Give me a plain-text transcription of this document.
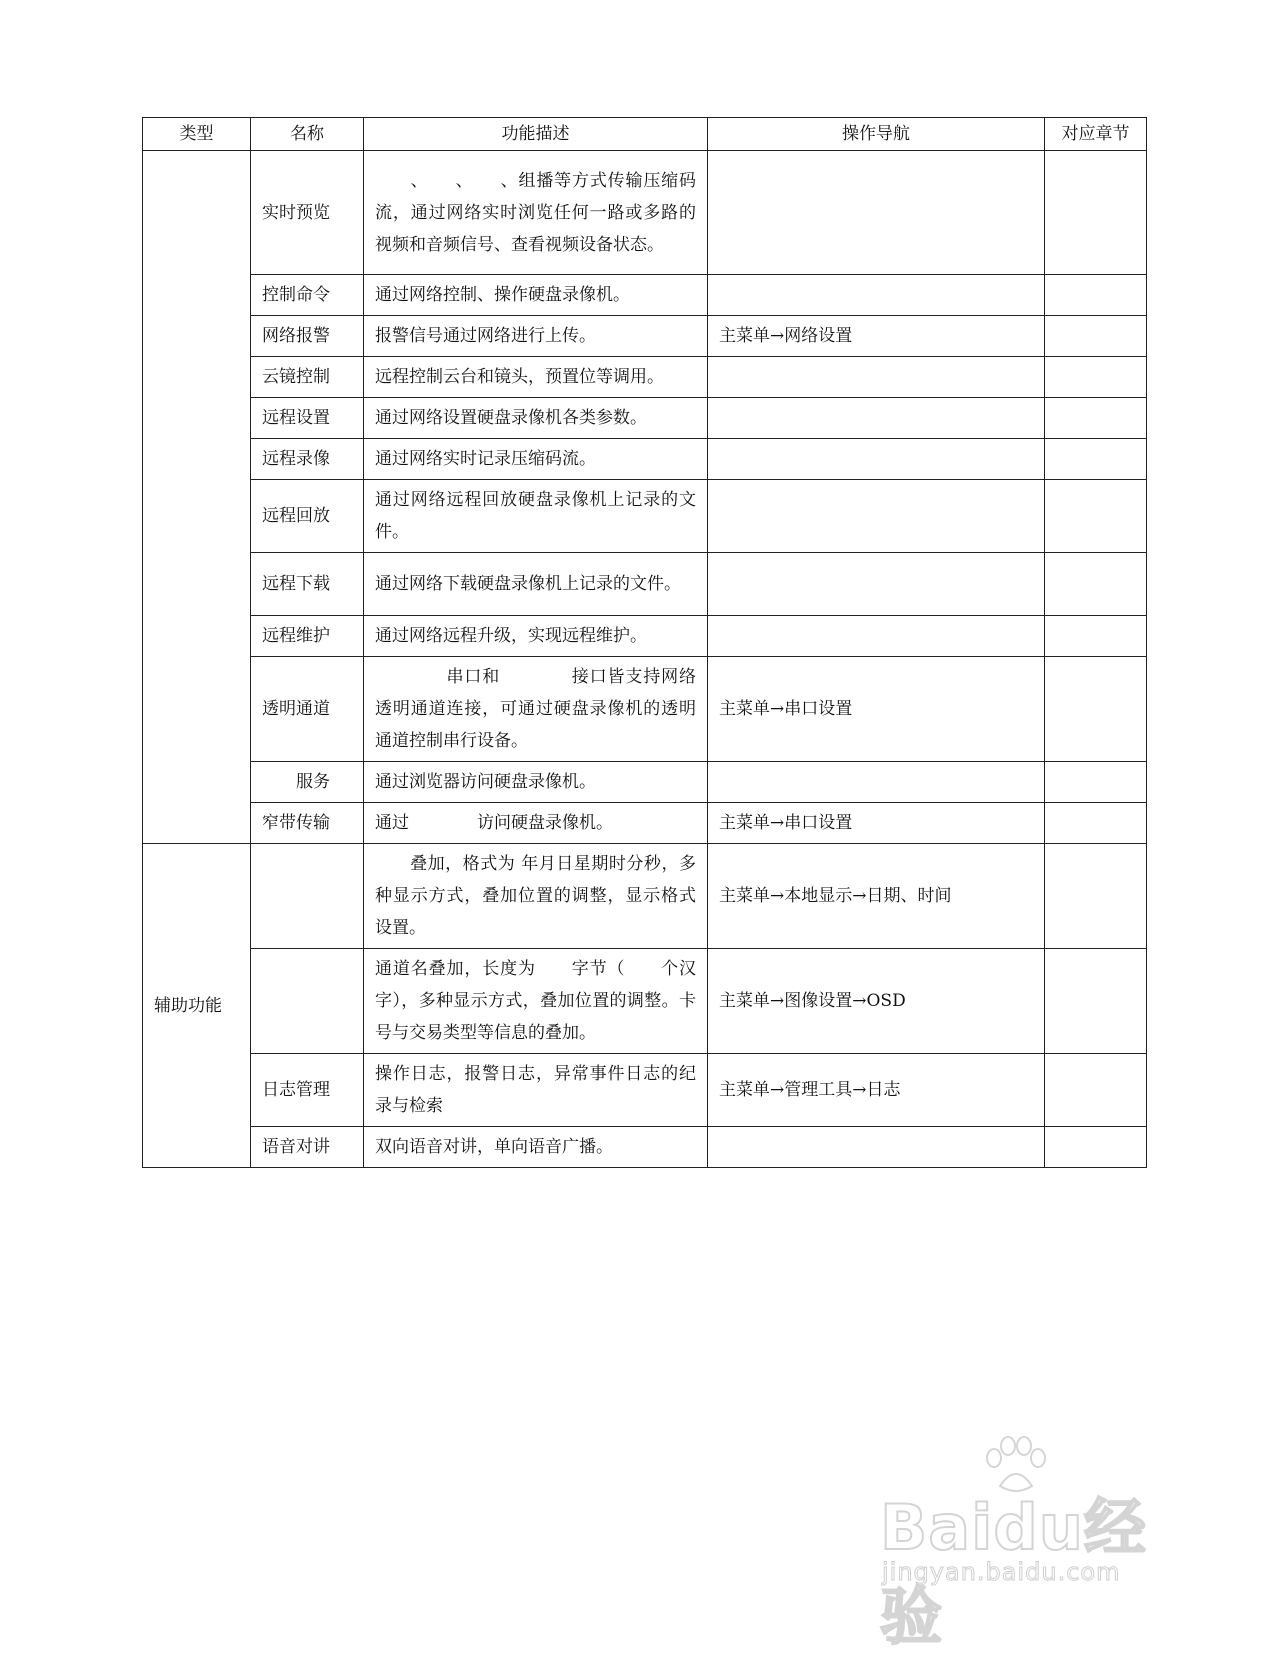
类型	名称	功能描述	操作导航	对应章节
	实时预览	　　、　　、　　、组播等方式传输压缩码流，通过网络实时浏览任何一路或多路的视频和音频信号、查看视频设备状态。		
	控制命令	通过网络控制、操作硬盘录像机。		
	网络报警	报警信号通过网络进行上传。	主菜单→网络设置	
	云镜控制	远程控制云台和镜头，预置位等调用。		
	远程设置	通过网络设置硬盘录像机各类参数。		
	远程录像	通过网络实时记录压缩码流。		
	远程回放	通过网络远程回放硬盘录像机上记录的文件。		
	远程下载	通过网络下载硬盘录像机上记录的文件。		
	远程维护	通过网络远程升级，实现远程维护。		
	透明通道	　　　　串口和　　　　接口皆支持网络透明通道连接，可通过硬盘录像机的透明通道控制串行设备。	主菜单→串口设置	
	　　服务	通过浏览器访问硬盘录像机。		
	窄带传输	通过　　　　访问硬盘录像机。	主菜单→串口设置	
辅助功能		　　叠加，格式为 年月日星期时分秒，多种显示方式，叠加位置的调整，显示格式设置。	主菜单→本地显示→日期、时间	
		通道名叠加，长度为　　字节（　　个汉字），多种显示方式，叠加位置的调整。卡号与交易类型等信息的叠加。	主菜单→图像设置→OSD	
	日志管理	操作日志，报警日志，异常事件日志的纪录与检索	主菜单→管理工具→日志	
	语音对讲	双向语音对讲，单向语音广播。		
Baidu经验
jingyan.baidu.com
